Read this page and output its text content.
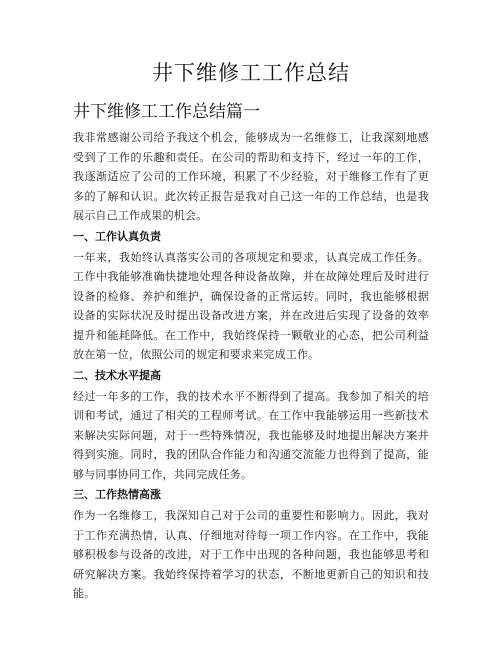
井下维修工工作总结
井下维修工工作总结篇一

我非常感谢公司给予我这个机会，能够成为一名维修工，让我深刻地感受到了工作的乐趣和责任。在公司的帮助和支持下，经过一年的工作，我逐渐适应了公司的工作环境，积累了不少经验，对于维修工作有了更多的了解和认识。此次转正报告是我对自己这一年的工作总结，也是我展示自己工作成果的机会。

一、工作认真负责

一年来，我始终认真落实公司的各项规定和要求，认真完成工作任务。工作中我能够准确快捷地处理各种设备故障，并在故障处理后及时进行设备的检修、养护和维护，确保设备的正常运转。同时，我也能够根据设备的实际状况及时提出设备改进方案，并在改进后实现了设备的效率提升和能耗降低。在工作中，我始终保持一颗敬业的心态，把公司利益放在第一位，依照公司的规定和要求来完成工作。

二、技术水平提高

经过一年多的工作，我的技术水平不断得到了提高。我参加了相关的培训和考试，通过了相关的工程师考试。在工作中我能够运用一些新技术来解决实际问题，对于一些特殊情况，我也能够及时地提出解决方案并得到实施。同时，我的团队合作能力和沟通交流能力也得到了提高，能够与同事协同工作，共同完成任务。

三、工作热情高涨

作为一名维修工，我深知自己对于公司的重要性和影响力。因此，我对于工作充满热情，认真、仔细地对待每一项工作内容。在工作中，我能够积极参与设备的改进，对于工作中出现的各种问题，我也能够思考和研究解决方案。我始终保持着学习的状态，不断地更新自己的知识和技能。
